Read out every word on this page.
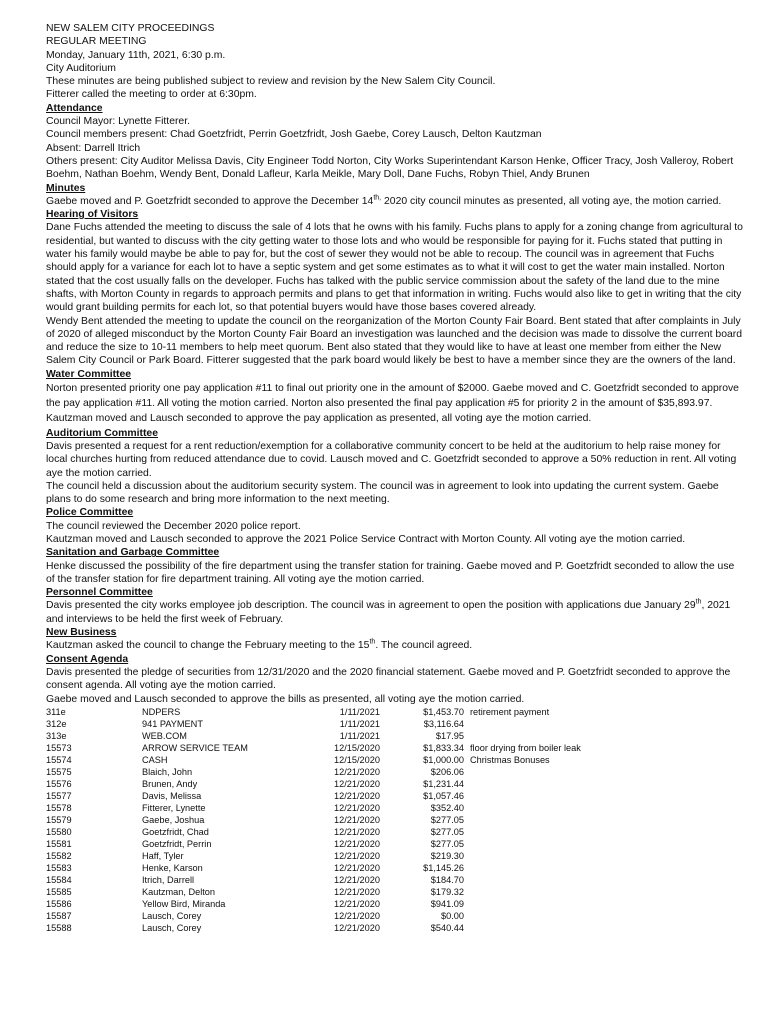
NEW SALEM CITY PROCEEDINGS

REGULAR MEETING

Monday, January 11th, 2021, 6:30 p.m.

City Auditorium

These minutes are being published subject to review and revision by the New Salem City Council.

Fitterer called the meeting to order at 6:30pm.

Attendance

Council Mayor: Lynette Fitterer.

Council members present: Chad Goetzfridt, Perrin Goetzfridt, Josh Gaebe, Corey Lausch, Delton Kautzman

Absent: Darrell Itrich

Others present: City Auditor Melissa Davis, City Engineer Todd Norton, City Works Superintendant Karson Henke, Officer Tracy, Josh Valleroy, Robert Boehm, Nathan Boehm, Wendy Bent, Donald Lafleur, Karla Meikle, Mary Doll, Dane Fuchs, Robyn Thiel, Andy Brunen

Minutes

Gaebe moved and P. Goetzfridt seconded to approve the December $14^{th,}$ 2020 city council minutes as presented, all voting aye, the motion carried.

Hearing of Visitors

Dane Fuchs attended the meeting to discuss the sale of 4 lots that he owns with his family. Fuchs plans to apply for a zoning change from agricultural to residential, but wanted to discuss with the city getting water to those lots and who would be responsible for paying for it. Fuchs stated that putting in water his family would maybe be able to pay for, but the cost of sewer they would not be able to recoup. The council was in agreement that Fuchs should apply for a variance for each lot to have a septic system and get some estimates as to what it will cost to get the water main installed. Norton stated that the cost usually falls on the developer. Fuchs has talked with the public service commission about the safety of the land due to the mine shafts, with Morton County in regards to approach permits and plans to get that information in writing. Fuchs would also like to get in writing that the city would grant building permits for each lot, so that potential buyers would have those bases covered already.

Wendy Bent attended the meeting to update the council on the reorganization of the Morton County Fair Board. Bent stated that after complaints in July of 2020 of alleged misconduct by the Morton County Fair Board an investigation was launched and the decision was made to dissolve the current board and reduce the size to 10-11 members to help meet quorum. Bent also stated that they would like to have at least one member from either the New Salem City Council or Park Board. Fitterer suggested that the park board would likely be best to have a member since they are the owners of the land.

Water Committee

Norton presented priority one pay application #11 to final out priority one in the amount of $2000. Gaebe moved and C. Goetzfridt seconded to approve the pay application #11. All voting the motion carried. Norton also presented the final pay application #5 for priority 2 in the amount of $35,893.97. Kautzman moved and Lausch seconded to approve the pay application as presented, all voting aye the motion carried.

Auditorium Committee

Davis presented a request for a rent reduction/exemption for a collaborative community concert to be held at the auditorium to help raise money for local churches hurting from reduced attendance due to covid. Lausch moved and C. Goetzfridt seconded to approve a 50% reduction in rent. All voting aye the motion carried.

The council held a discussion about the auditorium security system. The council was in agreement to look into updating the current system. Gaebe plans to do some research and bring more information to the next meeting.

Police Committee

The council reviewed the December 2020 police report.

Kautzman moved and Lausch seconded to approve the 2021 Police Service Contract with Morton County. All voting aye the motion carried.

Sanitation and Garbage Committee

Henke discussed the possibility of the fire department using the transfer station for training. Gaebe moved and P. Goetzfridt seconded to allow the use of the transfer station for fire department training. All voting aye the motion carried.

Personnel Committee

Davis presented the city works employee job description. The council was in agreement to open the position with applications due January 29th, 2021 and interviews to be held the first week of February.

New Business

Kautzman asked the council to change the February meeting to the 15th. The council agreed.

Consent Agenda

Davis presented the pledge of securities from 12/31/2020 and the 2020 financial statement. Gaebe moved and P. Goetzfridt seconded to approve the consent agenda. All voting aye the motion carried.

Gaebe moved and Lausch seconded to approve the bills as presented, all voting aye the motion carried.

311e	NDPERS	1/11/2021	$1,453.70	retirement payment
312e	941 PAYMENT	1/11/2021	$3,116.64	
313e	WEB.COM	1/11/2021	$17.95	
15573	ARROW SERVICE TEAM	12/15/2020	$1,833.34	floor drying from boiler leak
15574	CASH	12/15/2020	$1,000.00	Christmas Bonuses
15575	Blaich, John	12/21/2020	$206.06	
15576	Brunen, Andy	12/21/2020	$1,231.44	
15577	Davis, Melissa	12/21/2020	$1,057.46	
15578	Fitterer, Lynette	12/21/2020	$352.40	
15579	Gaebe, Joshua	12/21/2020	$277.05	
15580	Goetzfridt, Chad	12/21/2020	$277.05	
15581	Goetzfridt, Perrin	12/21/2020	$277.05	
15582	Haff, Tyler	12/21/2020	$219.30	
15583	Henke, Karson	12/21/2020	$1,145.26	
15584	Itrich, Darrell	12/21/2020	$184.70	
15585	Kautzman, Delton	12/21/2020	$179.32	
15586	Yellow Bird, Miranda	12/21/2020	$941.09	
15587	Lausch, Corey	12/21/2020	$0.00	
15588	Lausch, Corey	12/21/2020	$540.44	
